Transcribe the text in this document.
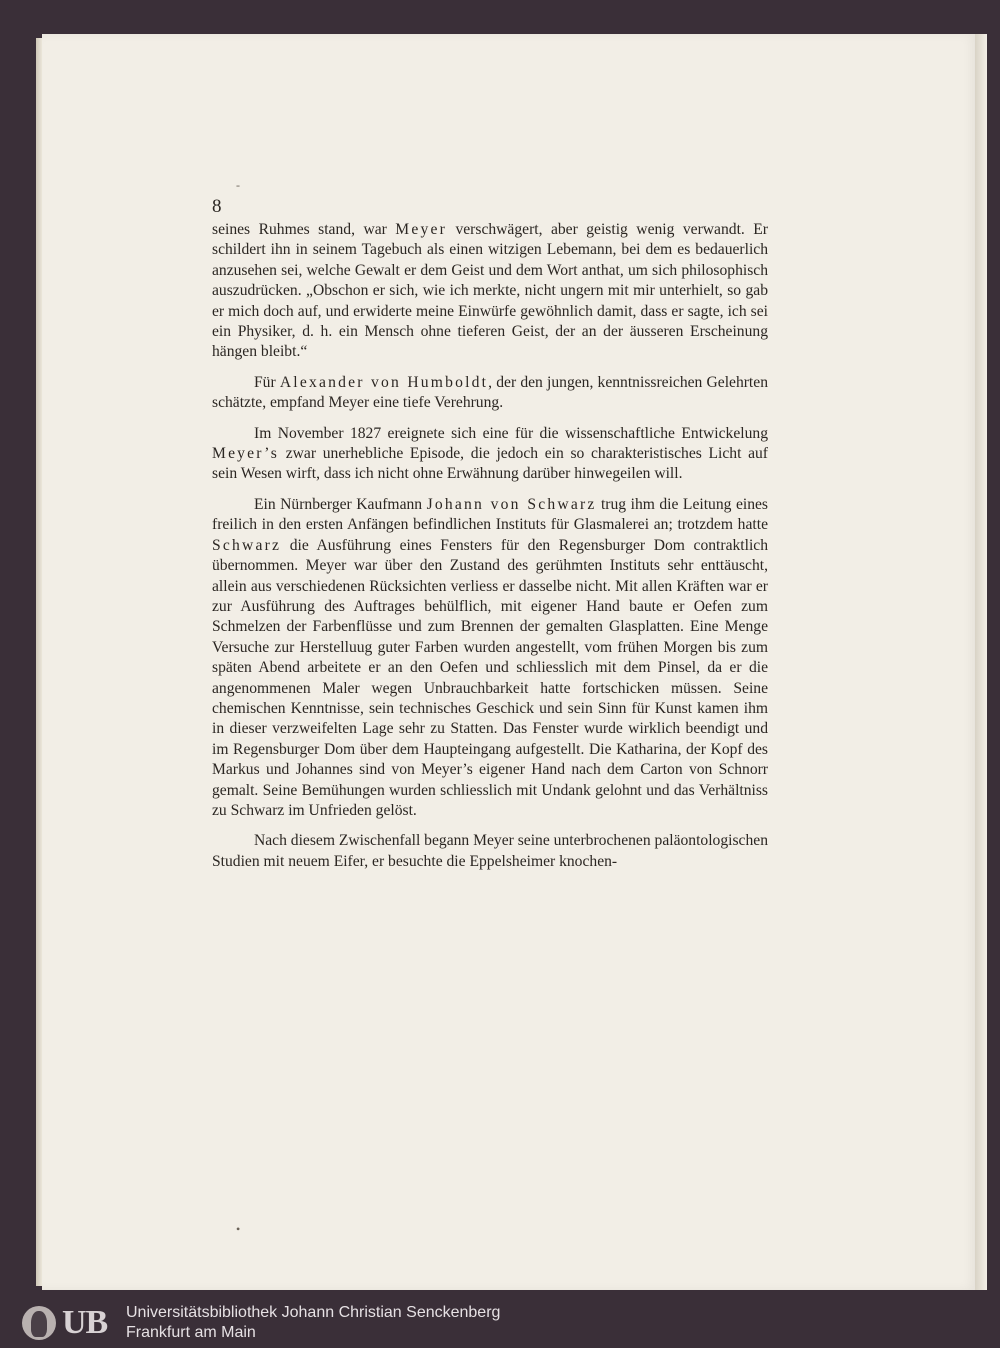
-
•
8

seines Ruhmes stand, war Meyer verschwägert, aber geistig wenig verwandt. Er schildert ihn in seinem Tagebuch als einen witzigen Lebemann, bei dem es bedauerlich anzusehen sei, welche Gewalt er dem Geist und dem Wort anthat, um sich philosophisch auszudrücken. „Obschon er sich, wie ich merkte, nicht ungern mit mir unterhielt, so gab er mich doch auf, und erwiderte meine Einwürfe gewöhnlich damit, dass er sagte, ich sei ein Physiker, d. h. ein Mensch ohne tieferen Geist, der an der äusseren Erscheinung hängen bleibt.“

Für Alexander von Humboldt, der den jungen, kenntnissreichen Gelehrten schätzte, empfand Meyer eine tiefe Verehrung.

Im November 1827 ereignete sich eine für die wissenschaftliche Entwickelung Meyer’s zwar unerhebliche Episode, die jedoch ein so charakteristisches Licht auf sein Wesen wirft, dass ich nicht ohne Erwähnung darüber hinwegeilen will.

Ein Nürnberger Kaufmann Johann von Schwarz trug ihm die Leitung eines freilich in den ersten Anfängen befindlichen Instituts für Glasmalerei an; trotzdem hatte Schwarz die Ausführung eines Fensters für den Regensburger Dom contraktlich übernommen. Meyer war über den Zustand des gerühmten Instituts sehr enttäuscht, allein aus verschiedenen Rücksichten verliess er dasselbe nicht. Mit allen Kräften war er zur Ausführung des Auftrages behülflich, mit eigener Hand baute er Oefen zum Schmelzen der Farbenflüsse und zum Brennen der gemalten Glasplatten. Eine Menge Versuche zur Herstelluug guter Farben wurden angestellt, vom frühen Morgen bis zum späten Abend arbeitete er an den Oefen und schliesslich mit dem Pinsel, da er die angenommenen Maler wegen Unbrauchbarkeit hatte fortschicken müssen. Seine chemischen Kenntnisse, sein technisches Geschick und sein Sinn für Kunst kamen ihm in dieser verzweifelten Lage sehr zu Statten. Das Fenster wurde wirklich beendigt und im Regensburger Dom über dem Haupteingang aufgestellt. Die Katharina, der Kopf des Markus und Johannes sind von Meyer’s eigener Hand nach dem Carton von Schnorr gemalt. Seine Bemühungen wurden schliesslich mit Undank gelohnt und das Verhältniss zu Schwarz im Unfrieden gelöst.

Nach diesem Zwischenfall begann Meyer seine unterbrochenen paläontologischen Studien mit neuem Eifer, er besuchte die Eppelsheimer knochen-

UB Universitätsbibliothek Johann Christian Senckenberg
Frankfurt am Main
